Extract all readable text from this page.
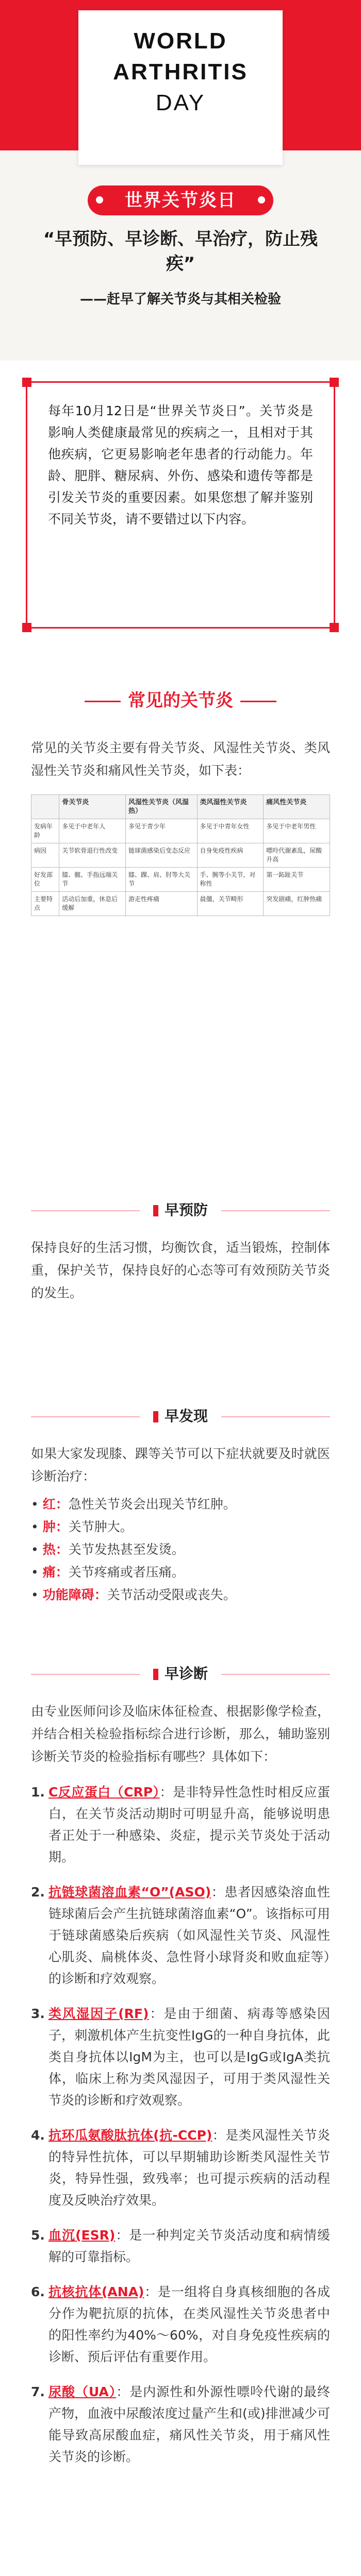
WORLD
ARTHRITIS
DAY
世界关节炎日
“早预防、早诊断、早治疗，防止残疾”
——赶早了解关节炎与其相关检验
每年10月12日是“世界关节炎日”。关节炎是影响人类健康最常见的疾病之一，且相对于其他疾病，它更易影响老年患者的行动能力。年龄、肥胖、糖尿病、外伤、感染和遗传等都是引发关节炎的重要因素。如果您想了解并鉴别不同关节炎，请不要错过以下内容。
常见的关节炎
常见的关节炎主要有骨关节炎、风湿性关节炎、类风湿性关节炎和痛风性关节炎，如下表：
	骨关节炎	风湿性关节炎（风湿热）	类风湿性关节炎	痛风性关节炎
发病年龄	多见于中老年人	多见于青少年	多见于中青年女性	多见于中老年男性
病因	关节软骨退行性改变	链球菌感染后变态反应	自身免疫性疾病	嘌呤代谢紊乱，尿酸升高
好发部位	膝、髋、手指远端关节	膝、踝、肩、肘等大关节	手、腕等小关节，对称性	第一跖趾关节
主要特点	活动后加重，休息后缓解	游走性疼痛	晨僵，关节畸形	突发剧痛，红肿热痛
早预防
保持良好的生活习惯，均衡饮食，适当锻炼，控制体重，保护关节，保持良好的心态等可有效预防关节炎的发生。
早发现
如果大家发现膝、踝等关节可以下症状就要及时就医诊断治疗：
• 红：急性关节炎会出现关节红肿。
• 肿：关节肿大。
• 热：关节发热甚至发烫。
• 痛：关节疼痛或者压痛。
• 功能障碍：关节活动受限或丧失。
早诊断
由专业医师问诊及临床体征检查、根据影像学检查，并结合相关检验指标综合进行诊断，那么，辅助鉴别诊断关节炎的检验指标有哪些？具体如下：
1. C反应蛋白（CRP）：是非特异性急性时相反应蛋白，在关节炎活动期时可明显升高，能够说明患者正处于一种感染、炎症，提示关节炎处于活动期。
2. 抗链球菌溶血素“O”(ASO)：患者因感染溶血性链球菌后会产生抗链球菌溶血素“O”。该指标可用于链球菌感染后疾病（如风湿性关节炎、风湿性心肌炎、扁桃体炎、急性肾小球肾炎和败血症等）的诊断和疗效观察。
3. 类风湿因子(RF)：是由于细菌、病毒等感染因子，刺激机体产生抗变性IgG的一种自身抗体，此类自身抗体以IgM为主，也可以是IgG或IgA类抗体，临床上称为类风湿因子，可用于类风湿性关节炎的诊断和疗效观察。
4. 抗环瓜氨酸肽抗体(抗-CCP)：是类风湿性关节炎的特异性抗体，可以早期辅助诊断类风湿性关节炎，特异性强，致残率；也可提示疾病的活动程度及反映治疗效果。
5. 血沉(ESR)：是一种判定关节炎活动度和病情缓解的可靠指标。
6. 抗核抗体(ANA)：是一组将自身真核细胞的各成分作为靶抗原的抗体，在类风湿性关节炎患者中的阳性率约为40%～60%，对自身免疫性疾病的诊断、预后评估有重要作用。
7. 尿酸（UA）：是内源性和外源性嘌呤代谢的最终产物，血液中尿酸浓度过量产生和(或)排泄减少可能导致高尿酸血症，痛风性关节炎，用于痛风性关节炎的诊断。
